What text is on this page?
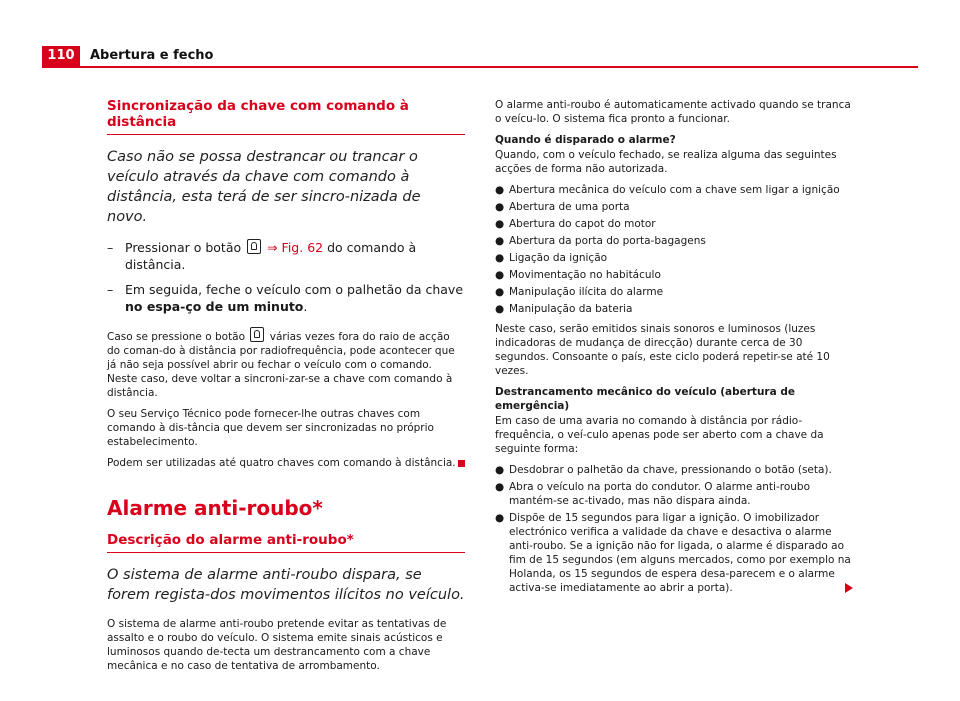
110	Abertura e fecho
Sincronização da chave com comando à distância
Caso não se possa destrancar ou trancar o veículo através da chave com comando à distância, esta terá de ser sincro-nizada de novo.
– Pressionar o botão ⇒ Fig. 62 do comando à distância.
– Em seguida, feche o veículo com o palhetão da chave no espa-ço de um minuto.
Caso se pressione o botão várias vezes fora do raio de acção do coman-do à distância por radiofrequência, pode acontecer que já não seja possível abrir ou fechar o veículo com o comando. Neste caso, deve voltar a sincroni-zar-se a chave com comando à distância.
O seu Serviço Técnico pode fornecer-lhe outras chaves com comando à dis-tância que devem ser sincronizadas no próprio estabelecimento.
Podem ser utilizadas até quatro chaves com comando à distância.
Alarme anti-roubo*
Descrição do alarme anti-roubo*
O sistema de alarme anti-roubo dispara, se forem regista-dos movimentos ilícitos no veículo.
O sistema de alarme anti-roubo pretende evitar as tentativas de assalto e o roubo do veículo. O sistema emite sinais acústicos e luminosos quando de-tecta um destrancamento com a chave mecânica e no caso de tentativa de arrombamento.
O alarme anti-roubo é automaticamente activado quando se tranca o veícu-lo. O sistema fica pronto a funcionar.
Quando é disparado o alarme?
Quando, com o veículo fechado, se realiza alguma das seguintes acções de forma não autorizada.
● Abertura mecânica do veículo com a chave sem ligar a ignição
● Abertura de uma porta
● Abertura do capot do motor
● Abertura da porta do porta-bagagens
● Ligação da ignição
● Movimentação no habitáculo
● Manipulação ilícita do alarme
● Manipulação da bateria
Neste caso, serão emitidos sinais sonoros e luminosos (luzes indicadoras de mudança de direcção) durante cerca de 30 segundos. Consoante o país, este ciclo poderá repetir-se até 10 vezes.
Destrancamento mecânico do veículo (abertura de emergência)
Em caso de uma avaria no comando à distância por rádio-frequência, o veí-culo apenas pode ser aberto com a chave da seguinte forma:
● Desdobrar o palhetão da chave, pressionando o botão (seta).
● Abra o veículo na porta do condutor. O alarme anti-roubo mantém-se ac-tivado, mas não dispara ainda.
● Dispõe de 15 segundos para ligar a ignição. O imobilizador electrónico verifica a validade da chave e desactiva o alarme anti-roubo. Se a ignição não for ligada, o alarme é disparado ao fim de 15 segundos (em alguns mercados, como por exemplo na Holanda, os 15 segundos de espera desa-parecem e o alarme activa-se imediatamente ao abrir a porta).
